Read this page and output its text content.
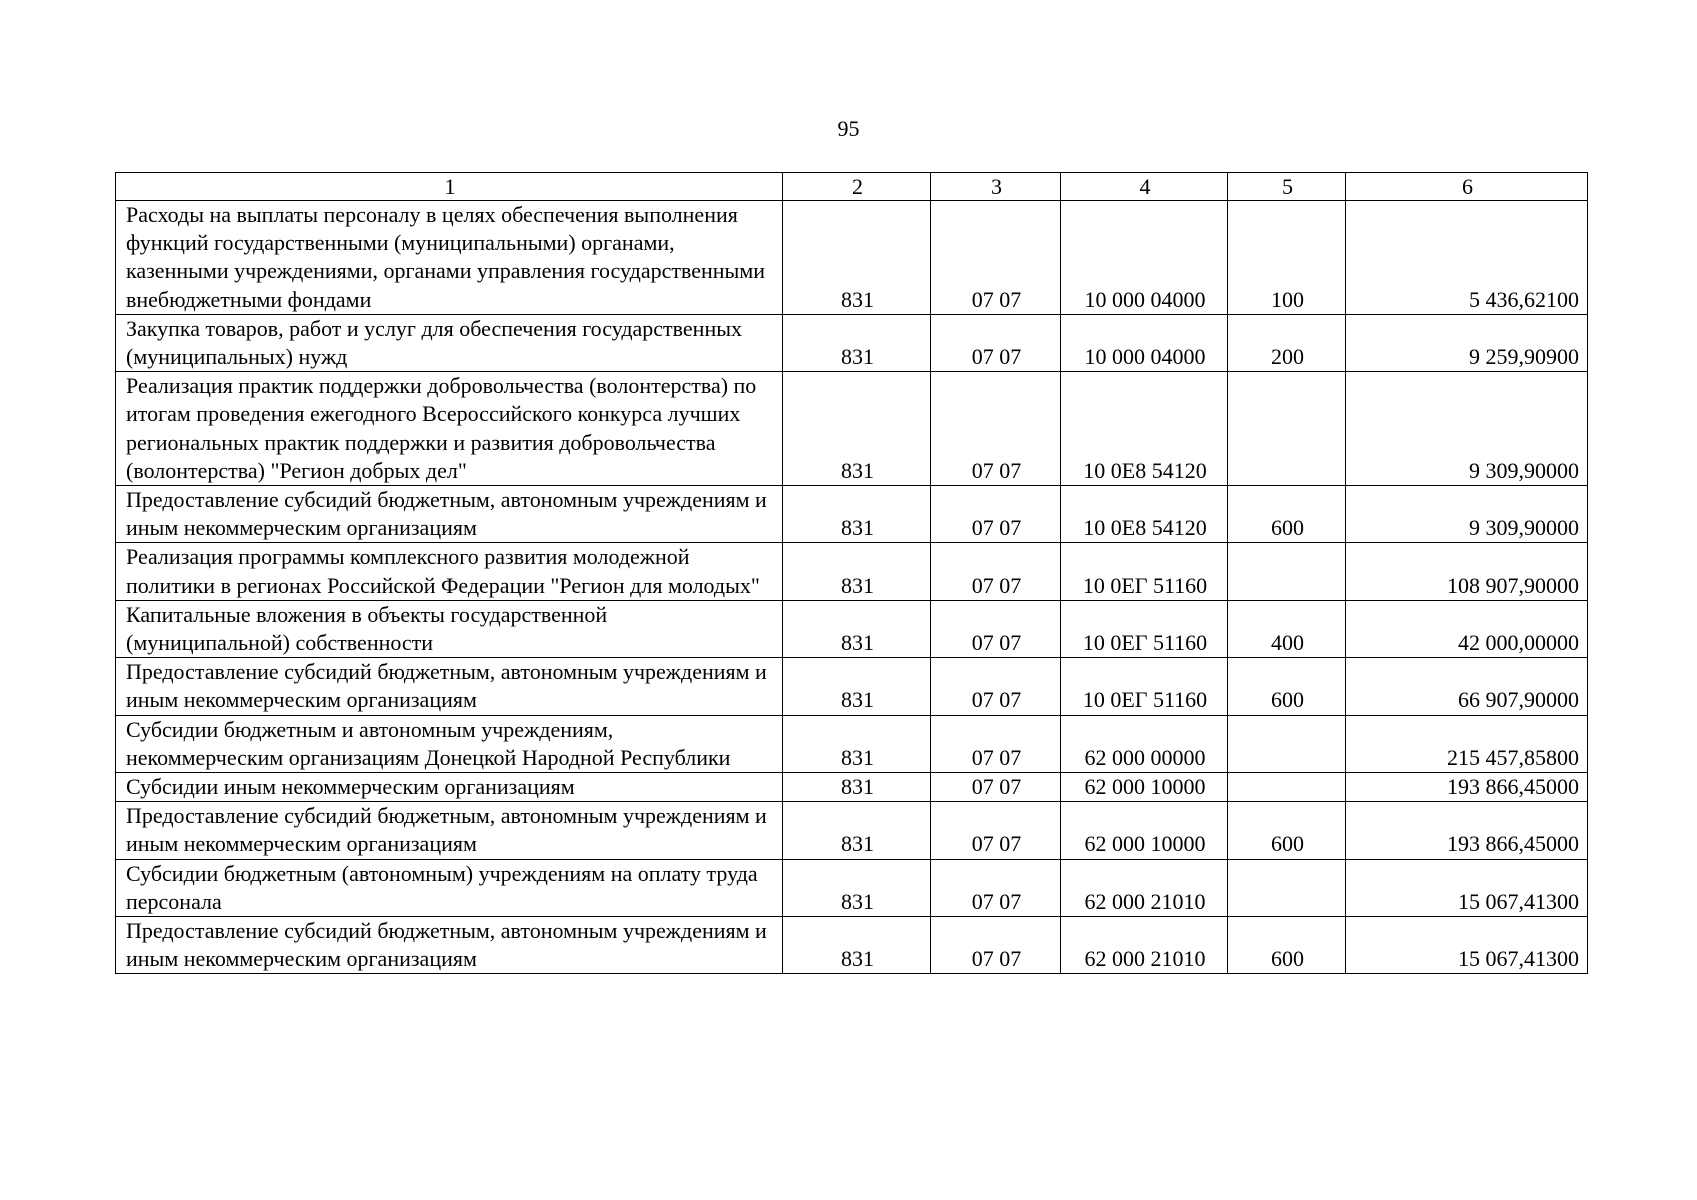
95
1	2	3	4	5	6
Расходы на выплаты персоналу в целях обеспечения выполнения функций государственными (муниципальными) органами, казенными учреждениями, органами управления государственными внебюджетными фондами	831	07 07	10 000 04000	100	5 436,62100
Закупка товаров, работ и услуг для обеспечения государственных (муниципальных) нужд	831	07 07	10 000 04000	200	9 259,90900
Реализация практик поддержки добровольчества (волонтерства) по итогам проведения ежегодного Всероссийского конкурса лучших региональных практик поддержки и развития добровольчества (волонтерства) "Регион добрых дел"	831	07 07	10 0Е8 54120		9 309,90000
Предоставление субсидий бюджетным, автономным учреждениям и иным некоммерческим организациям	831	07 07	10 0Е8 54120	600	9 309,90000
Реализация программы комплексного развития молодежной политики в регионах Российской Федерации "Регион для молодых"	831	07 07	10 0ЕГ 51160		108 907,90000
Капитальные вложения в объекты государственной (муниципальной) собственности	831	07 07	10 0ЕГ 51160	400	42 000,00000
Предоставление субсидий бюджетным, автономным учреждениям и иным некоммерческим организациям	831	07 07	10 0ЕГ 51160	600	66 907,90000
Субсидии бюджетным и автономным учреждениям, некоммерческим организациям Донецкой Народной Республики	831	07 07	62 000 00000		215 457,85800
Субсидии иным некоммерческим организациям	831	07 07	62 000 10000		193 866,45000
Предоставление субсидий бюджетным, автономным учреждениям и иным некоммерческим организациям	831	07 07	62 000 10000	600	193 866,45000
Субсидии бюджетным (автономным) учреждениям на оплату труда персонала	831	07 07	62 000 21010		15 067,41300
Предоставление субсидий бюджетным, автономным учреждениям и иным некоммерческим организациям	831	07 07	62 000 21010	600	15 067,41300
